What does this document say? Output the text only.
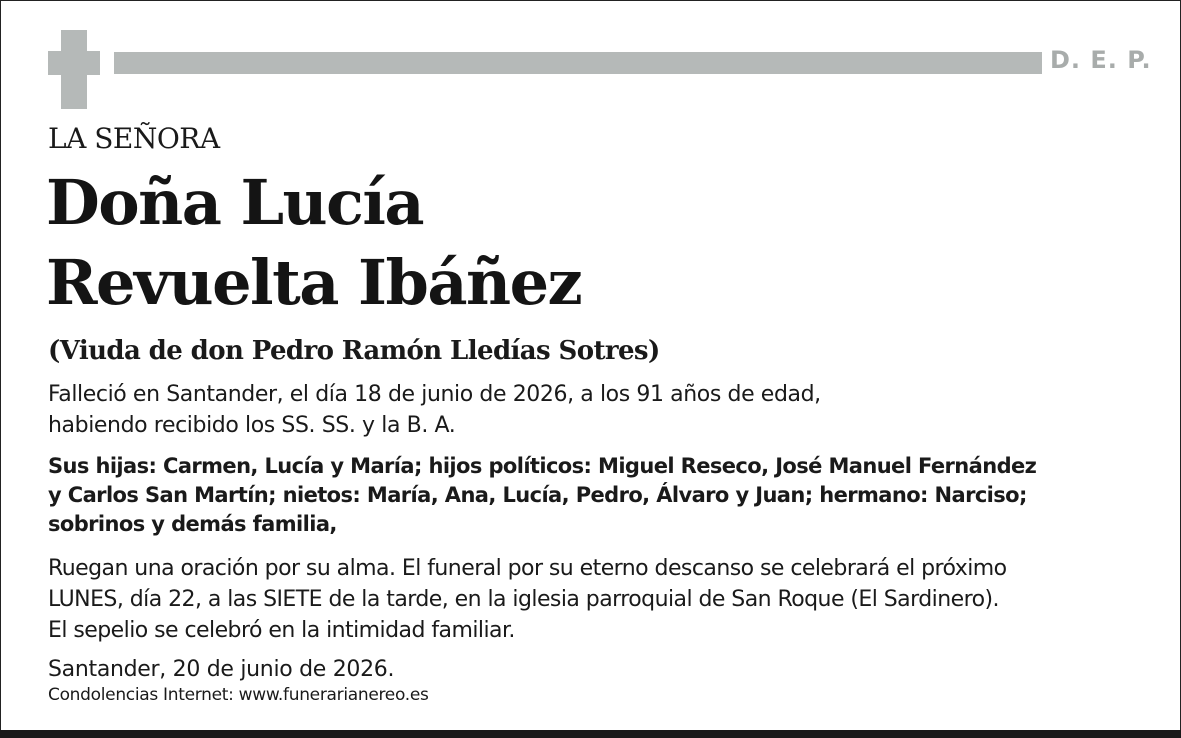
D. E. P.
LA SEÑORA
Doña Lucía
Revuelta Ibáñez
(Viuda de don Pedro Ramón Lledías Sotres)
Falleció en Santander, el día 18 de junio de 2026, a los 91 años de edad,
habiendo recibido los SS. SS. y la B. A.
Sus hijas: Carmen, Lucía y María; hijos políticos: Miguel Reseco, José Manuel Fernández
y Carlos San Martín; nietos: María, Ana, Lucía, Pedro, Álvaro y Juan; hermano: Narciso;
sobrinos y demás familia,
Ruegan una oración por su alma. El funeral por su eterno descanso se celebrará el próximo
LUNES, día 22, a las SIETE de la tarde, en la iglesia parroquial de San Roque (El Sardinero).
El sepelio se celebró en la intimidad familiar.
Santander, 20 de junio de 2026.
Condolencias Internet: www.funerarianereo.es
